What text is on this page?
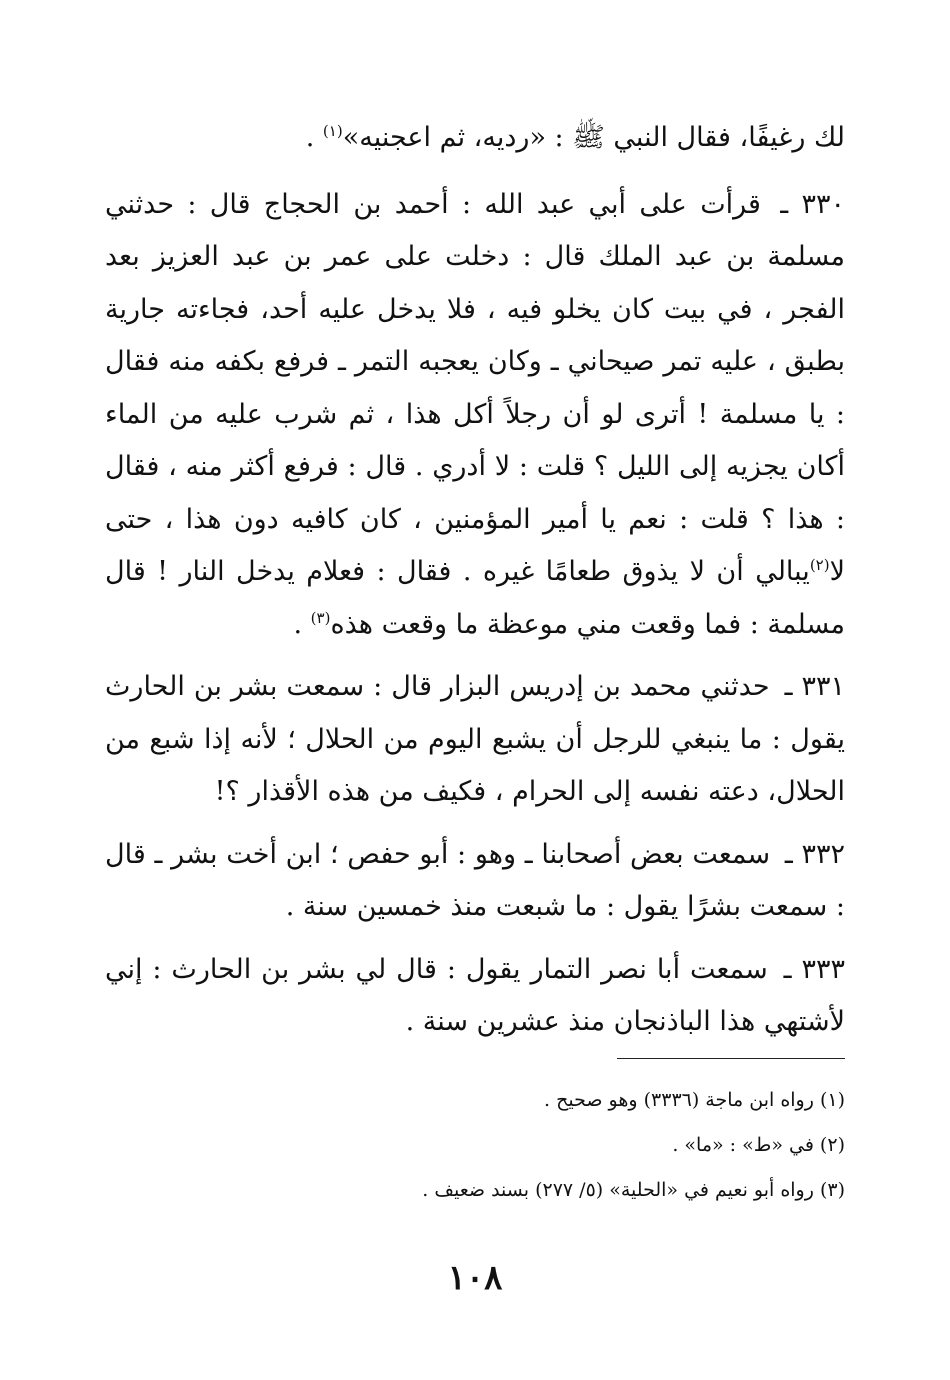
لك رغيفًا، فقال النبي ﷺ : «رديه، ثم اعجنيه»$^{(١)}$ .

٣٣٠ ـ قرأت على أبي عبد الله : أحمد بن الحجاج قال : حدثني مسلمة بن عبد الملك قال : دخلت على عمر بن عبد العزيز بعد الفجر ، في بيت كان يخلو فيه ، فلا يدخل عليه أحد، فجاءته جارية بطبق ، عليه تمر صيحاني ـ وكان يعجبه التمر ـ فرفع بكفه منه فقال : يا مسلمة ! أترى لو أن رجلاً أكل هذا ، ثم شرب عليه من الماء أكان يجزيه إلى الليل ؟ قلت : لا أدري . قال : فرفع أكثر منه ، فقال : هذا ؟ قلت : نعم يا أمير المؤمنين ، كان كافيه دون هذا ، حتى لا$^{(٢)}$يبالي أن لا يذوق طعامًا غيره . فقال : فعلام يدخل النار ! قال مسلمة : فما وقعت مني موعظة ما وقعت هذه$^{(٣)}$ .

٣٣١ ـ حدثني محمد بن إدريس البزار قال : سمعت بشر بن الحارث يقول : ما ينبغي للرجل أن يشبع اليوم من الحلال ؛ لأنه إذا شبع من الحلال، دعته نفسه إلى الحرام ، فكيف من هذه الأقذار ؟!

٣٣٢ ـ سمعت بعض أصحابنا ـ وهو : أبو حفص ؛ ابن أخت بشر ـ قال : سمعت بشرًا يقول : ما شبعت منذ خمسين سنة .

٣٣٣ ـ سمعت أبا نصر التمار يقول : قال لي بشر بن الحارث : إني لأشتهي هذا الباذنجان منذ عشرين سنة .

(١) رواه ابن ماجة (٣٣٣٦) وهو صحيح .

(٢) في «ط» : «ما» .

(٣) رواه أبو نعيم في «الحلية» (٥/ ٢٧٧) بسند ضعيف .

١٠٨
